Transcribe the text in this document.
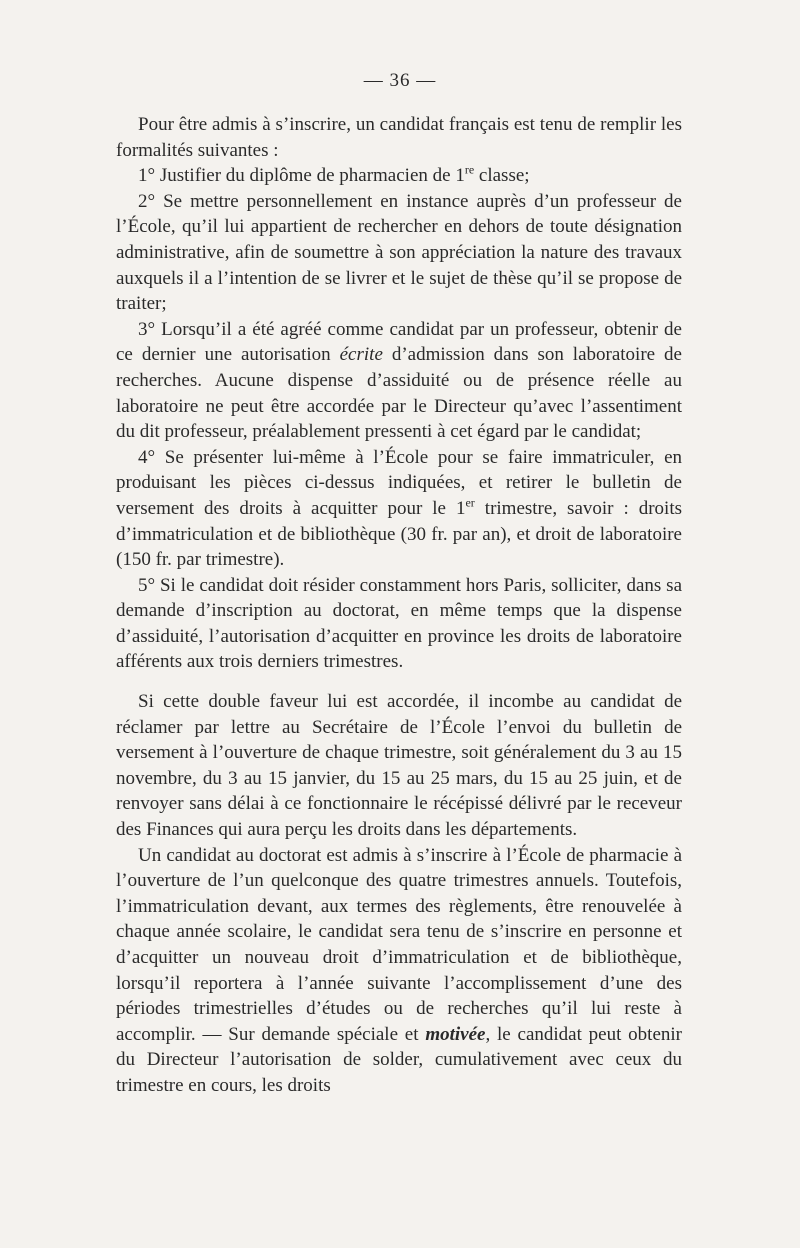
— 36 —

Pour être admis à s’inscrire, un candidat français est tenu de remplir les formalités suivantes :

1° Justifier du diplôme de pharmacien de 1re classe;

2° Se mettre personnellement en instance auprès d’un professeur de l’École, qu’il lui appartient de rechercher en dehors de toute désignation administrative, afin de soumettre à son appréciation la nature des travaux auxquels il a l’intention de se livrer et le sujet de thèse qu’il se propose de traiter;

3° Lorsqu’il a été agréé comme candidat par un professeur, obtenir de ce dernier une autorisation écrite d’admission dans son laboratoire de recherches. Aucune dispense d’assiduité ou de présence réelle au laboratoire ne peut être accordée par le Directeur qu’avec l’assentiment du dit professeur, préalablement pressenti à cet égard par le candidat;

4° Se présenter lui-même à l’École pour se faire immatriculer, en produisant les pièces ci-dessus indiquées, et retirer le bulletin de versement des droits à acquitter pour le 1er trimestre, savoir : droits d’immatriculation et de bibliothèque (30 fr. par an), et droit de laboratoire (150 fr. par trimestre).

5° Si le candidat doit résider constamment hors Paris, solliciter, dans sa demande d’inscription au doctorat, en même temps que la dispense d’assiduité, l’autorisation d’acquitter en province les droits de laboratoire afférents aux trois derniers trimestres.

Si cette double faveur lui est accordée, il incombe au candidat de réclamer par lettre au Secrétaire de l’École l’envoi du bulletin de versement à l’ouverture de chaque trimestre, soit généralement du 3 au 15 novembre, du 3 au 15 janvier, du 15 au 25 mars, du 15 au 25 juin, et de renvoyer sans délai à ce fonctionnaire le récépissé délivré par le receveur des Finances qui aura perçu les droits dans les départements.

Un candidat au doctorat est admis à s’inscrire à l’École de pharmacie à l’ouverture de l’un quelconque des quatre trimestres annuels. Toutefois, l’immatriculation devant, aux termes des règlements, être renouvelée à chaque année scolaire, le candidat sera tenu de s’inscrire en personne et d’acquitter un nouveau droit d’immatriculation et de bibliothèque, lorsqu’il reportera à l’année suivante l’accomplissement d’une des périodes trimestrielles d’études ou de recherches qu’il lui reste à accomplir. — Sur demande spéciale et motivée, le candidat peut obtenir du Directeur l’autorisation de solder, cumulativement avec ceux du trimestre en cours, les droits
